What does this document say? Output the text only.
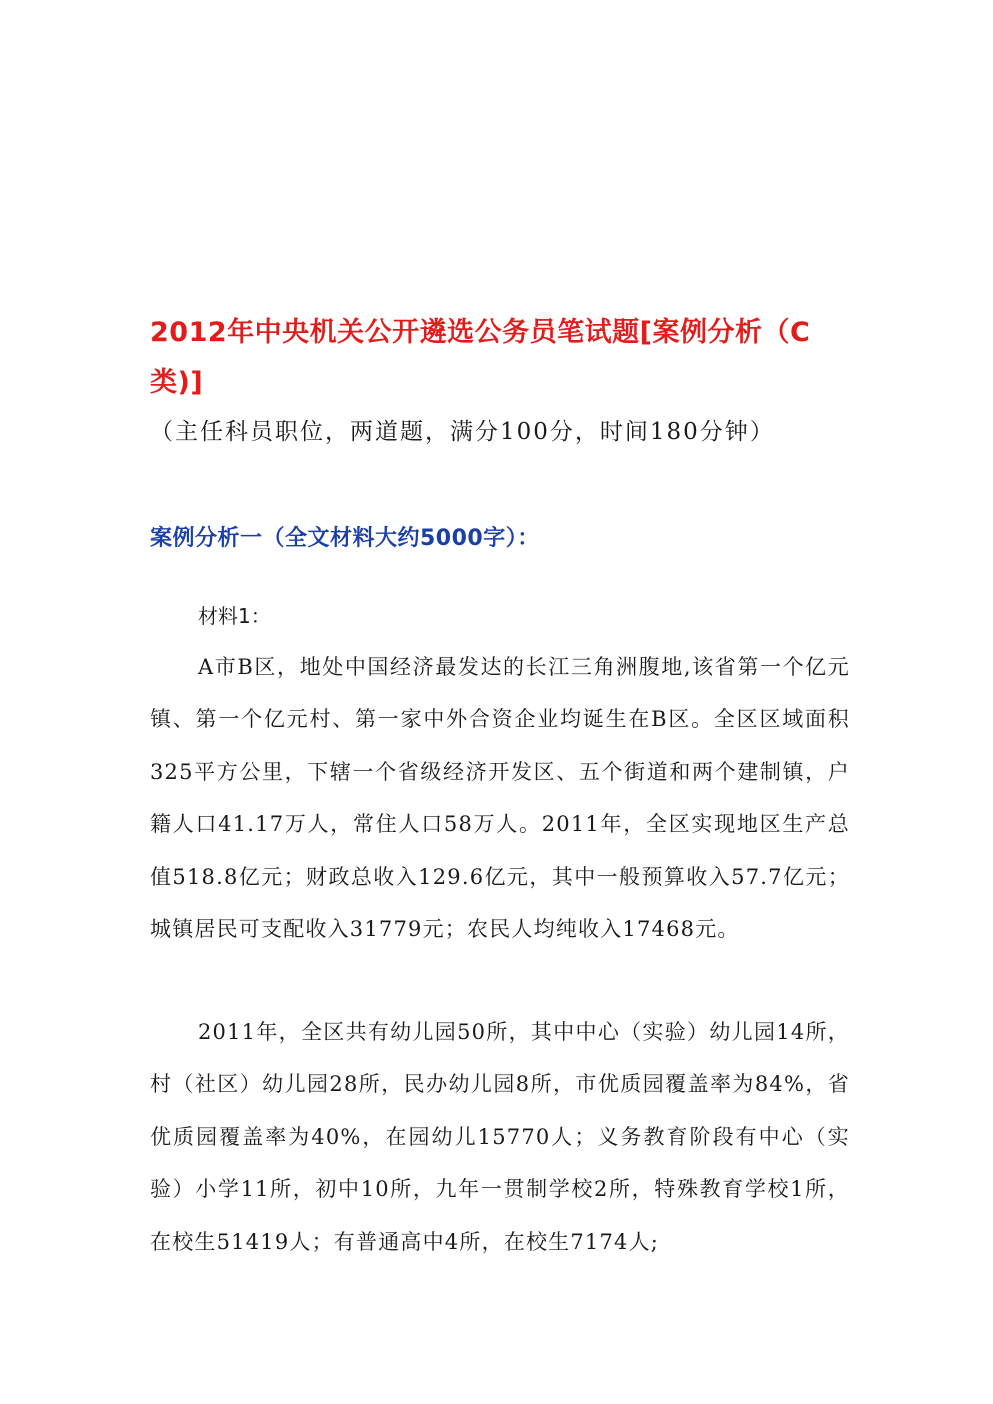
2012年中央机关公开遴选公务员笔试题[案例分析（C类)]

（主任科员职位，两道题，满分100分，时间180分钟）

案例分析一（全文材料大约5000字）：

材料1：

A市B区，地处中国经济最发达的长江三角洲腹地,该省第一个亿元镇、第一个亿元村、第一家中外合资企业均诞生在B区。全区区域面积325平方公里，下辖一个省级经济开发区、五个街道和两个建制镇，户籍人口41.17万人，常住人口58万人。2011年，全区实现地区生产总值518.8亿元；财政总收入129.6亿元，其中一般预算收入57.7亿元；城镇居民可支配收入31779元；农民人均纯收入17468元。

2011年，全区共有幼儿园50所，其中中心（实验）幼儿园14所，村（社区）幼儿园28所，民办幼儿园8所，市优质园覆盖率为84%，省优质园覆盖率为40%，在园幼儿15770人；义务教育阶段有中心（实验）小学11所，初中10所，九年一贯制学校2所，特殊教育学校1所，在校生51419人；有普通高中4所，在校生7174人;
